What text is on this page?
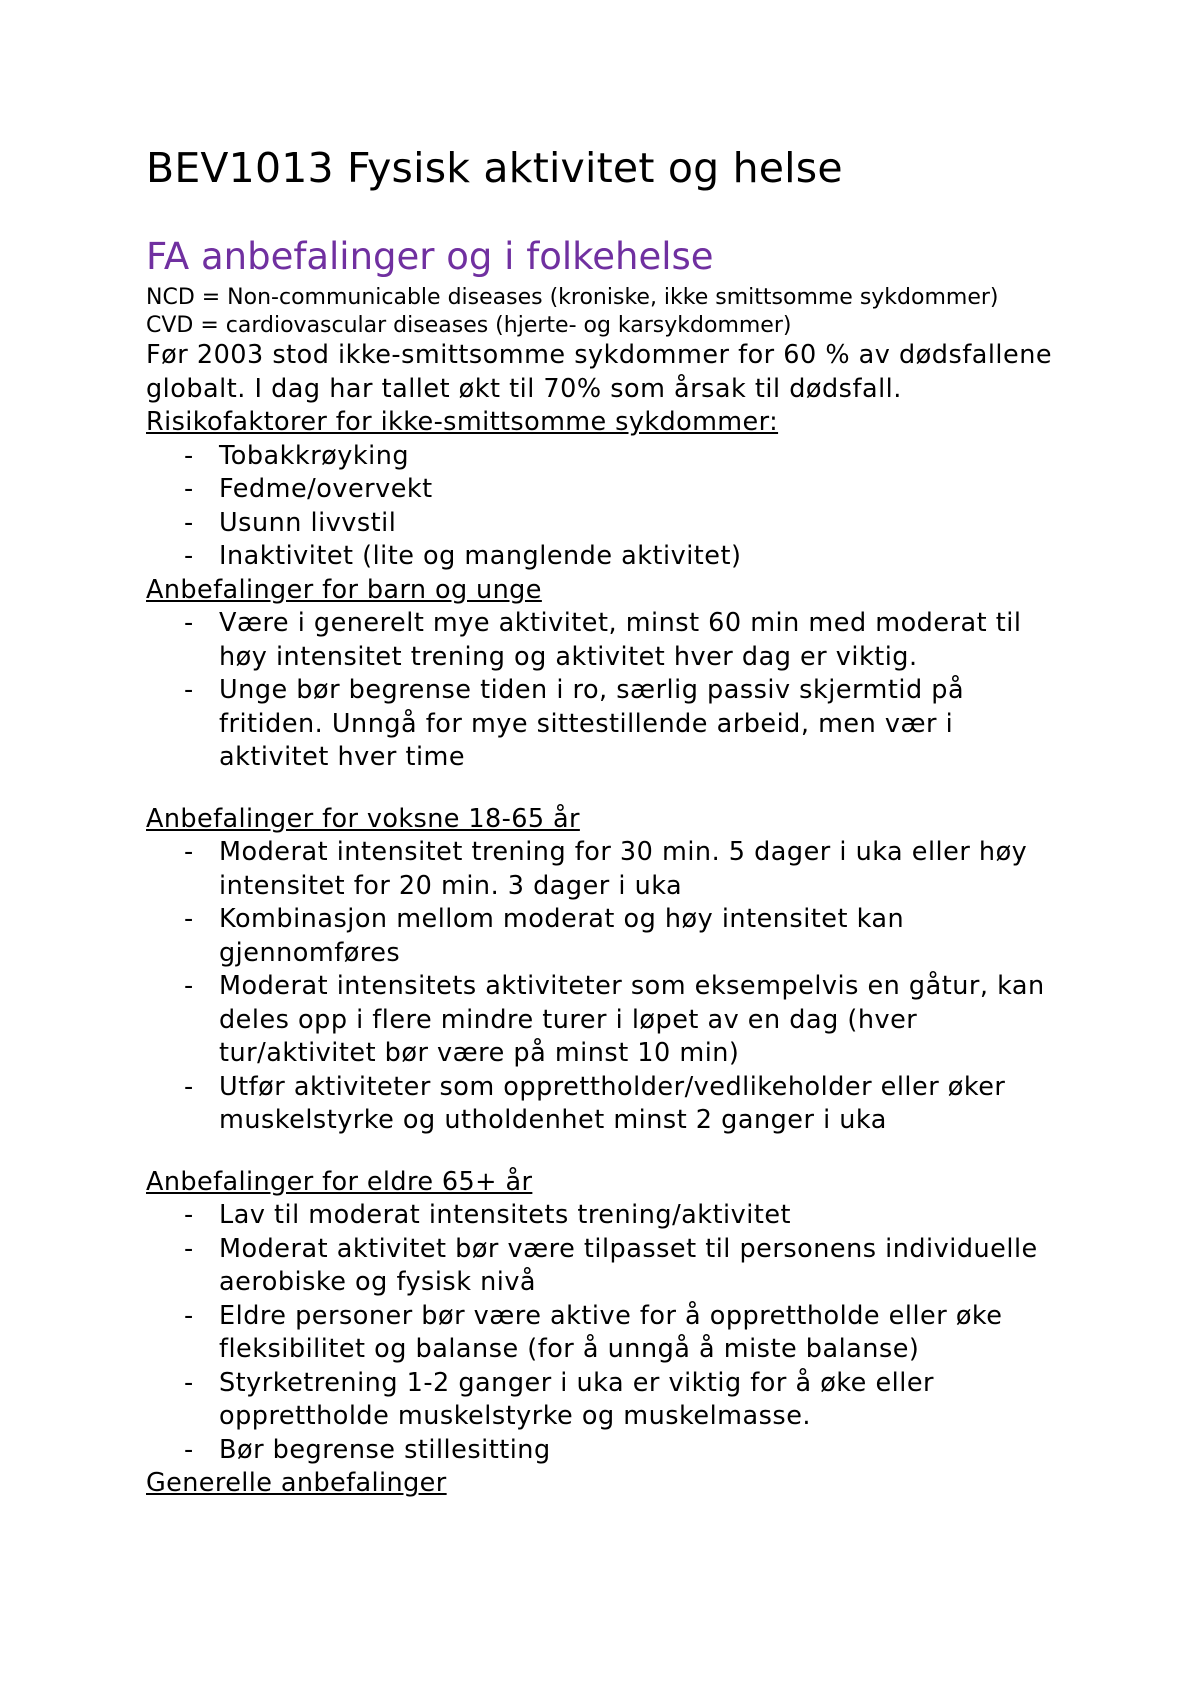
BEV1013 Fysisk aktivitet og helse
FA anbefalinger og i folkehelse

NCD = Non-communicable diseases (kroniske, ikke smittsomme sykdommer)

CVD = cardiovascular diseases (hjerte- og karsykdommer)

Før 2003 stod ikke-smittsomme sykdommer for 60 % av dødsfallene globalt. I dag har tallet økt til 70% som årsak til dødsfall.

Risikofaktorer for ikke-smittsomme sykdommer:

- Tobakkrøyking
- Fedme/overvekt
- Usunn livvstil
- Inaktivitet (lite og manglende aktivitet)

Anbefalinger for barn og unge

- Være i generelt mye aktivitet, minst 60 min med moderat til høy intensitet trening og aktivitet hver dag er viktig.
- Unge bør begrense tiden i ro, særlig passiv skjermtid på fritiden. Unngå for mye sittestillende arbeid, men vær i aktivitet hver time

Anbefalinger for voksne 18-65 år

- Moderat intensitet trening for 30 min. 5 dager i uka eller høy intensitet for 20 min. 3 dager i uka
- Kombinasjon mellom moderat og høy intensitet kan gjennomføres
- Moderat intensitets aktiviteter som eksempelvis en gåtur, kan deles opp i flere mindre turer i løpet av en dag (hver tur/aktivitet bør være på minst 10 min)
- Utfør aktiviteter som opprettholder/vedlikeholder eller øker muskelstyrke og utholdenhet minst 2 ganger i uka

Anbefalinger for eldre 65+ år

- Lav til moderat intensitets trening/aktivitet
- Moderat aktivitet bør være tilpasset til personens individuelle aerobiske og fysisk nivå
- Eldre personer bør være aktive for å opprettholde eller øke fleksibilitet og balanse (for å unngå å miste balanse)
- Styrketrening 1-2 ganger i uka er viktig for å øke eller opprettholde muskelstyrke og muskelmasse.
- Bør begrense stillesitting

Generelle anbefalinger
